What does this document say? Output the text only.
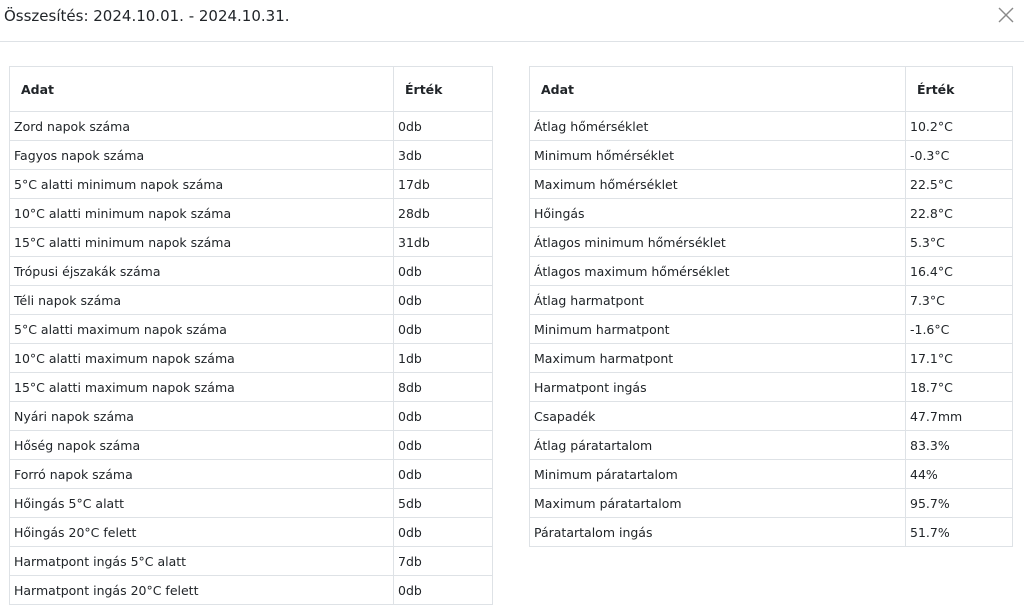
Összesítés: 2024.10.01. - 2024.10.31.
Adat	Érték
Zord napok száma	0db
Fagyos napok száma	3db
5°C alatti minimum napok száma	17db
10°C alatti minimum napok száma	28db
15°C alatti minimum napok száma	31db
Trópusi éjszakák száma	0db
Téli napok száma	0db
5°C alatti maximum napok száma	0db
10°C alatti maximum napok száma	1db
15°C alatti maximum napok száma	8db
Nyári napok száma	0db
Hőség napok száma	0db
Forró napok száma	0db
Hőingás 5°C alatt	5db
Hőingás 20°C felett	0db
Harmatpont ingás 5°C alatt	7db
Harmatpont ingás 20°C felett	0db
Adat	Érték
Átlag hőmérséklet	10.2°C
Minimum hőmérséklet	-0.3°C
Maximum hőmérséklet	22.5°C
Hőingás	22.8°C
Átlagos minimum hőmérséklet	5.3°C
Átlagos maximum hőmérséklet	16.4°C
Átlag harmatpont	7.3°C
Minimum harmatpont	-1.6°C
Maximum harmatpont	17.1°C
Harmatpont ingás	18.7°C
Csapadék	47.7mm
Átlag páratartalom	83.3%
Minimum páratartalom	44%
Maximum páratartalom	95.7%
Páratartalom ingás	51.7%
